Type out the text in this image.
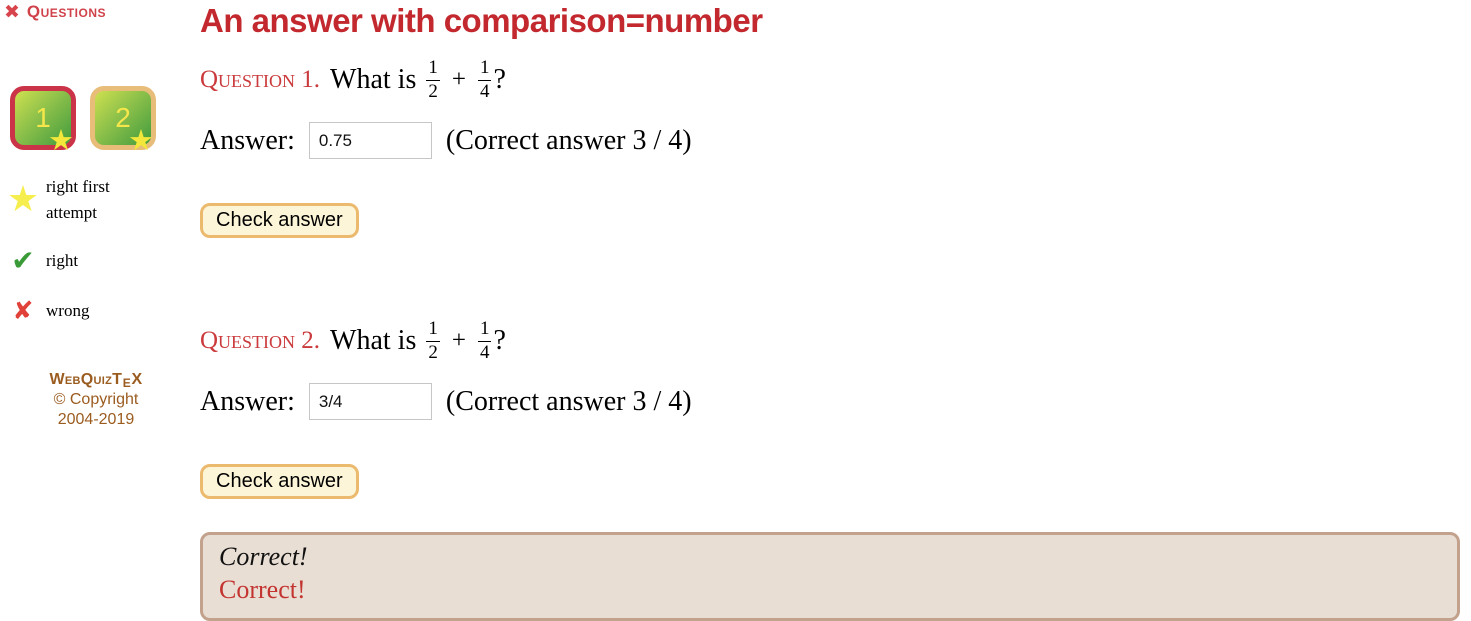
✖ Questions
1
★
2
★
★ right first attempt
✔ right
✘ wrong
WebQuizTEX
© Copyright
2004-2019
An answer with comparison=number
Question 1. What is $\frac{1}{2} + \frac{1}{4}$ ?
Answer:
0.75	(Correct answer 3 / 4)
Check answer
Question 2. What is $\frac{1}{2} + \frac{1}{4}$ ?
Answer:
3/4	(Correct answer 3 / 4)
Check answer
Correct!
Correct!
